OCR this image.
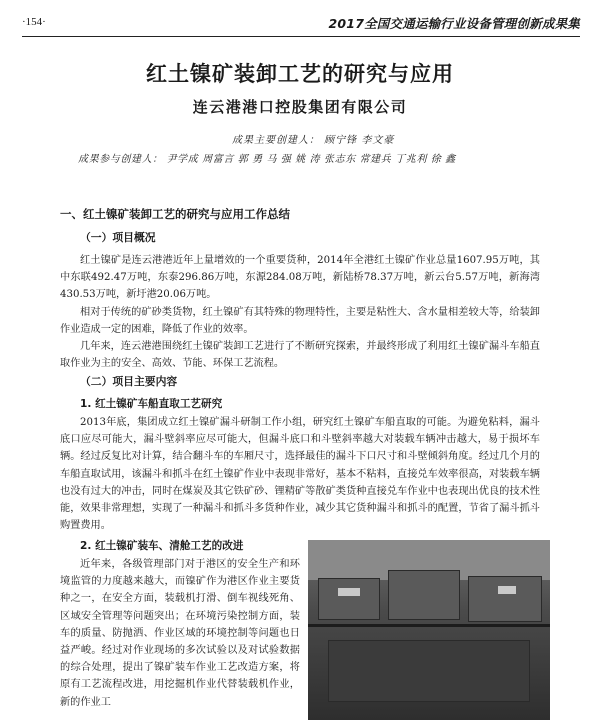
·154·	2017全国交通运输行业设备管理创新成果集
红土镍矿装卸工艺的研究与应用
连云港港口控股集团有限公司
成果主要创建人： 顾宁锋 李文豪
成果参与创建人： 尹学成 周富言 郭 勇 马 强 姚 涛 张志东 常建兵 丁兆利 徐 鑫
一、红土镍矿装卸工艺的研究与应用工作总结
（一）项目概况
红土镍矿是连云港港近年上量增效的一个重要货种，2014年全港红土镍矿作业总量1607.95万吨，其中东联492.47万吨，东泰296.86万吨，东源284.08万吨，新陆桥78.37万吨，新云台5.57万吨，新海湾430.53万吨，新圩港20.06万吨。
相对于传统的矿砂类货物，红土镍矿有其特殊的物理特性，主要是粘性大、含水量相差较大等，给装卸作业造成一定的困难，降低了作业的效率。
几年来，连云港港围绕红土镍矿装卸工艺进行了不断研究探索，并最终形成了利用红土镍矿漏斗车船直取作业为主的安全、高效、节能、环保工艺流程。
（二）项目主要内容
1. 红土镍矿车船直取工艺研究
2013年底，集团成立红土镍矿漏斗研制工作小组，研究红土镍矿车船直取的可能。为避免粘料，漏斗底口应尽可能大，漏斗壁斜率应尽可能大，但漏斗底口和斗壁斜率越大对装载车辆冲击越大，易于损坏车辆。经过反复比对计算，结合翻斗车的车厢尺寸，选择最佳的漏斗下口尺寸和斗壁倾斜角度。经过几个月的车船直取试用，该漏斗和抓斗在红土镍矿作业中表现非常好，基本不粘料，直接兑车效率很高，对装载车辆也没有过大的冲击，同时在煤炭及其它铁矿砂、锂精矿等散矿类货种直接兑车作业中也表现出优良的技术性能，效果非常理想，实现了一种漏斗和抓斗多货种作业，减少其它货种漏斗和抓斗的配置，节省了漏斗抓斗购置费用。
2. 红土镍矿装车、清舱工艺的改进
近年来，各级管理部门对于港区的安全生产和环境监管的力度越来越大，而镍矿作为港区作业主要货种之一，在安全方面，装载机打滑、倒车视线死角、区域安全管理等问题突出；在环境污染控制方面，装车的质量、防抛洒、作业区域的环境控制等问题也日益严峻。经过对作业现场的多次试验以及对试验数据的综合处理，提出了镍矿装车作业工艺改造方案，将原有工艺流程改进，用挖掘机作业代替装载机作业，新的作业工
